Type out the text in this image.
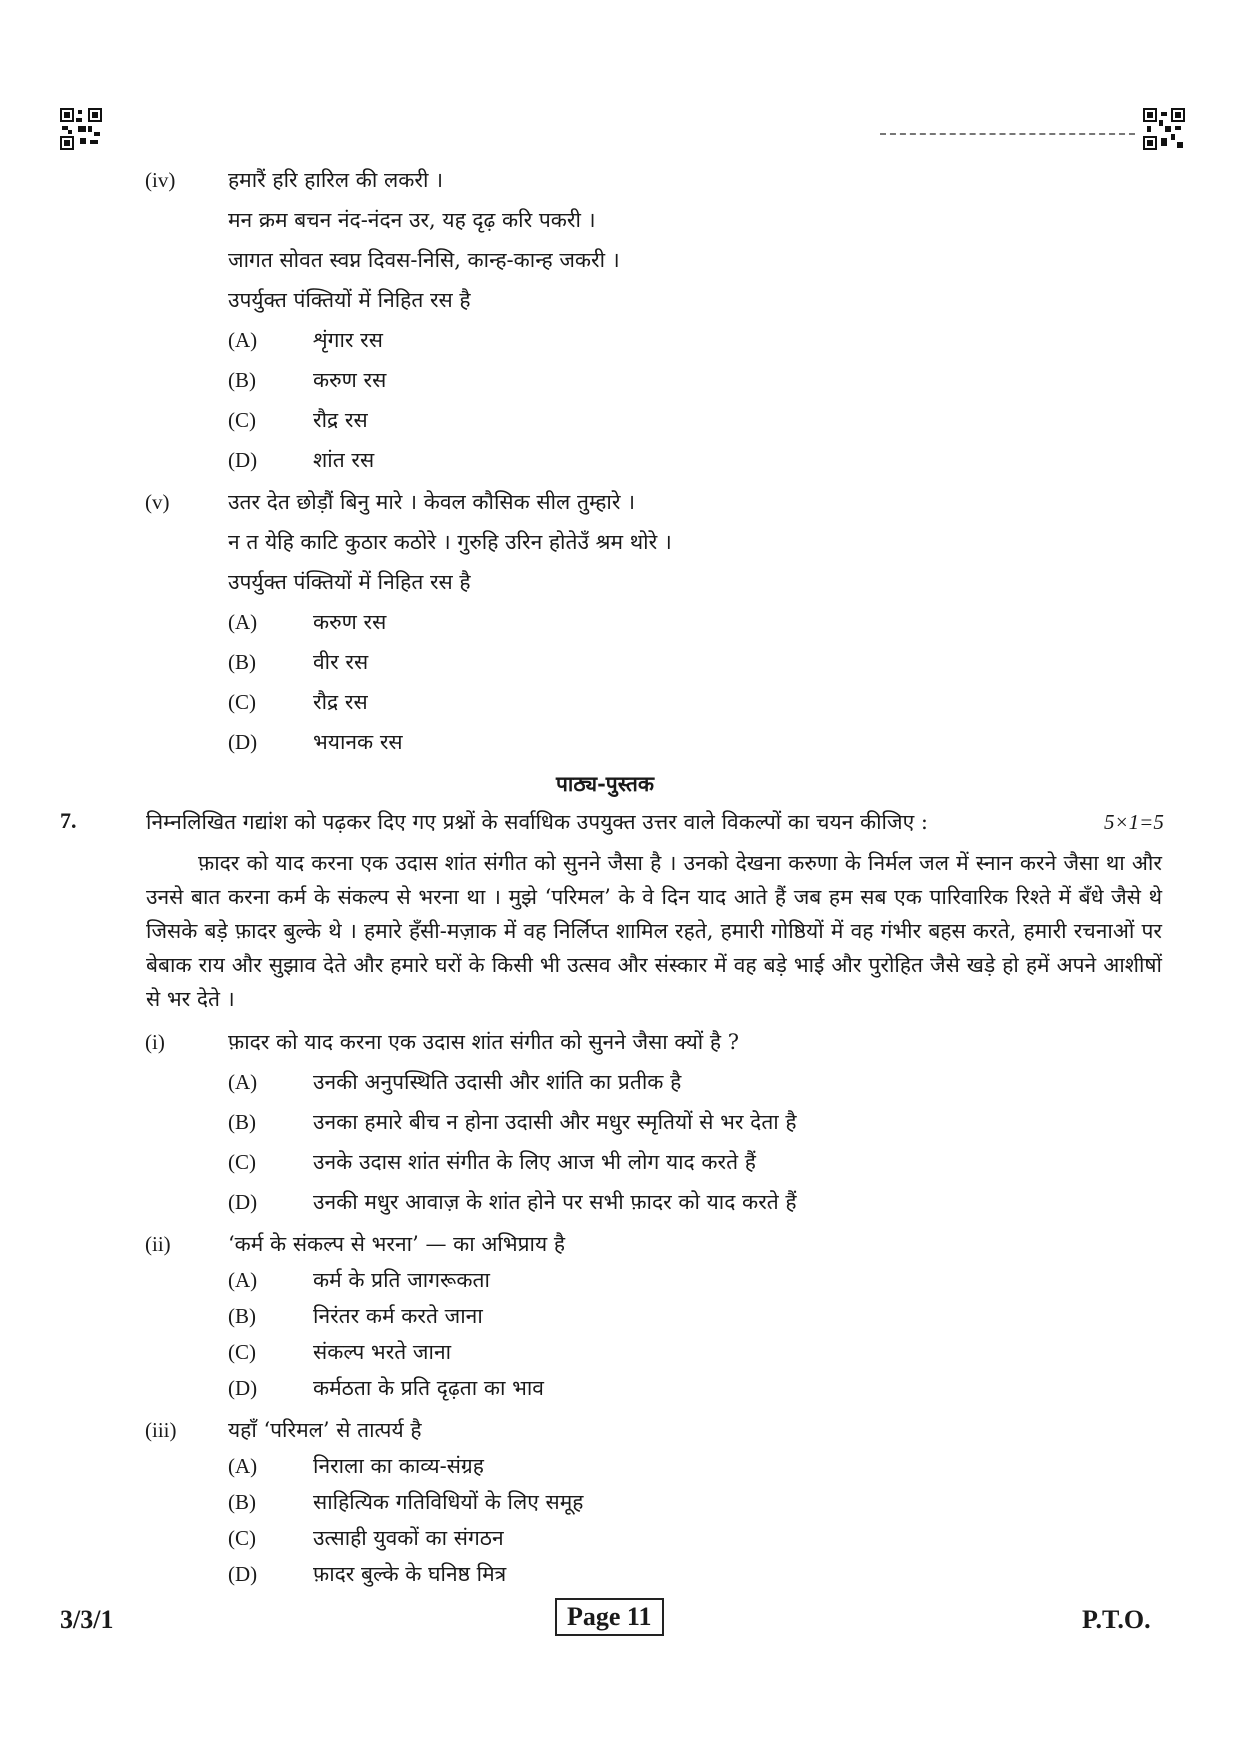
(iv)	हमारैं हरि हारिल की लकरी ।
मन क्रम बचन नंद-नंदन उर, यह दृढ़ करि पकरी ।
जागत सोवत स्वप्न दिवस-निसि, कान्ह-कान्ह जकरी ।
उपर्युक्त पंक्तियों में निहित रस है
(A)	शृंगार रस
(B)	करुण रस
(C)	रौद्र रस
(D)	शांत रस
(v)	उतर देत छोड़ौं बिनु मारे । केवल कौसिक सील तुम्हारे ।
न त येहि काटि कुठार कठोरे । गुरुहि उरिन होतेउँ श्रम थोरे ।
उपर्युक्त पंक्तियों में निहित रस है
(A)	करुण रस
(B)	वीर रस
(C)	रौद्र रस
(D)	भयानक रस
पाठ्य-पुस्तक
7.	निम्नलिखित गद्यांश को पढ़कर दिए गए प्रश्नों के सर्वाधिक उपयुक्त उत्तर वाले विकल्पों का चयन कीजिए :	5×1=5
फ़ादर को याद करना एक उदास शांत संगीत को सुनने जैसा है । उनको देखना करुणा के निर्मल जल में स्नान करने जैसा था और उनसे बात करना कर्म के संकल्प से भरना था । मुझे ‘परिमल’ के वे दिन याद आते हैं जब हम सब एक पारिवारिक रिश्ते में बँधे जैसे थे जिसके बड़े फ़ादर बुल्के थे । हमारे हँसी-मज़ाक में वह निर्लिप्त शामिल रहते, हमारी गोष्ठियों में वह गंभीर बहस करते, हमारी रचनाओं पर बेबाक राय और सुझाव देते और हमारे घरों के किसी भी उत्सव और संस्कार में वह बड़े भाई और पुरोहित जैसे खड़े हो हमें अपने आशीषों से भर देते ।
(i)	फ़ादर को याद करना एक उदास शांत संगीत को सुनने जैसा क्यों है ?
(A)	उनकी अनुपस्थिति उदासी और शांति का प्रतीक है
(B)	उनका हमारे बीच न होना उदासी और मधुर स्मृतियों से भर देता है
(C)	उनके उदास शांत संगीत के लिए आज भी लोग याद करते हैं
(D)	उनकी मधुर आवाज़ के शांत होने पर सभी फ़ादर को याद करते हैं
(ii)	‘कर्म के संकल्प से भरना’ — का अभिप्राय है
(A)	कर्म के प्रति जागरूकता
(B)	निरंतर कर्म करते जाना
(C)	संकल्प भरते जाना
(D)	कर्मठता के प्रति दृढ़ता का भाव
(iii) यहाँ ‘परिमल’ से तात्पर्य है
(A)	निराला का काव्य-संग्रह
(B)	साहित्यिक गतिविधियों के लिए समूह
(C)	उत्साही युवकों का संगठन
(D)	फ़ादर बुल्के के घनिष्ठ मित्र
3/3/1	Page 11	P.T.O.
